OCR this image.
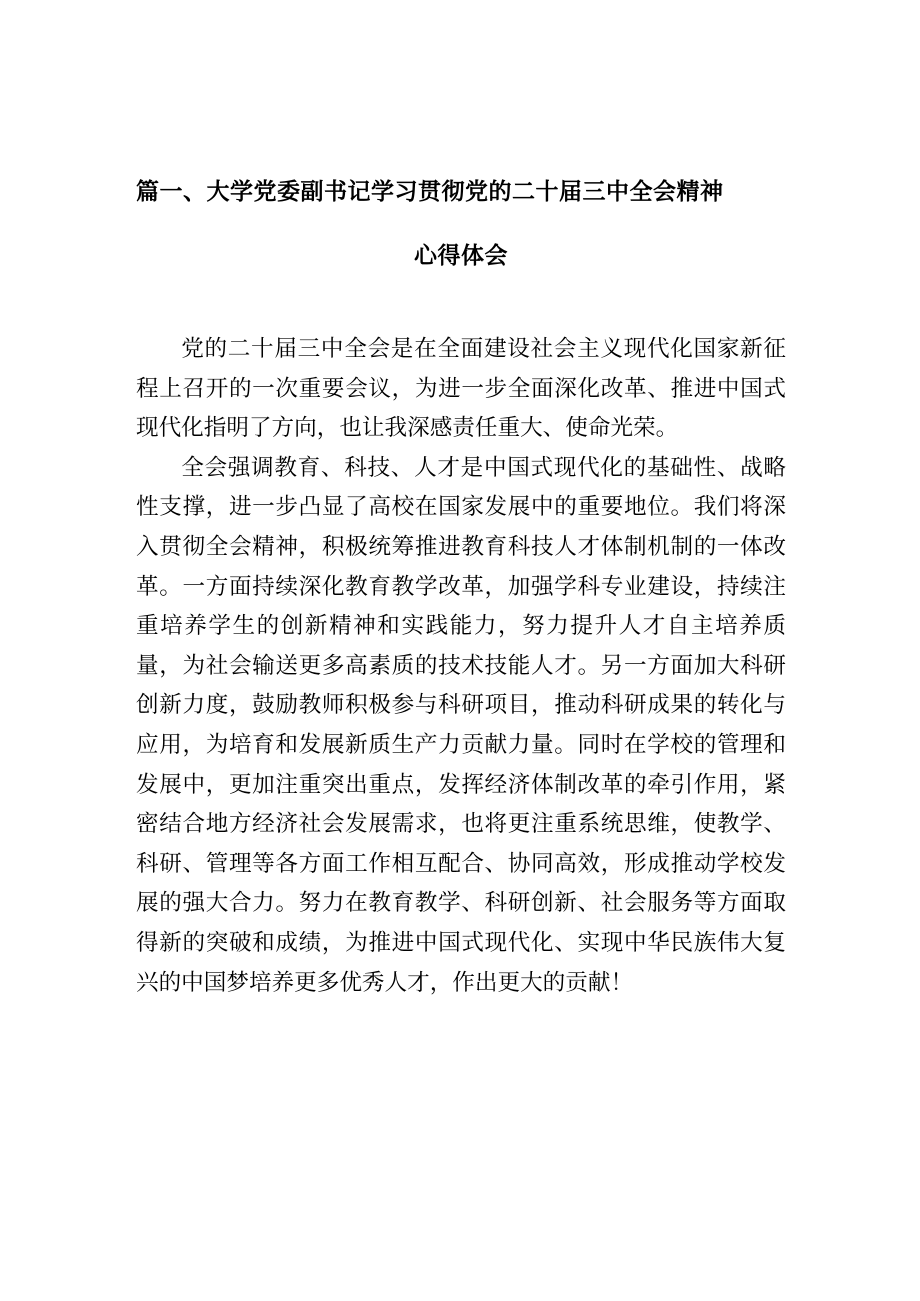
篇一、大学党委副书记学习贯彻党的二十届三中全会精神
心得体会

党的二十届三中全会是在全面建设社会主义现代化国家新征程上召开的一次重要会议，为进一步全面深化改革、推进中国式现代化指明了方向，也让我深感责任重大、使命光荣。

全会强调教育、科技、人才是中国式现代化的基础性、战略性支撑，进一步凸显了高校在国家发展中的重要地位。我们将深入贯彻全会精神，积极统筹推进教育科技人才体制机制的一体改革。一方面持续深化教育教学改革，加强学科专业建设，持续注重培养学生的创新精神和实践能力，努力提升人才自主培养质量，为社会输送更多高素质的技术技能人才。另一方面加大科研创新力度，鼓励教师积极参与科研项目，推动科研成果的转化与应用，为培育和发展新质生产力贡献力量。同时在学校的管理和发展中，更加注重突出重点，发挥经济体制改革的牵引作用，紧密结合地方经济社会发展需求，也将更注重系统思维，使教学、科研、管理等各方面工作相互配合、协同高效，形成推动学校发展的强大合力。努力在教育教学、科研创新、社会服务等方面取得新的突破和成绩，为推进中国式现代化、实现中华民族伟大复兴的中国梦培养更多优秀人才，作出更大的贡献！
